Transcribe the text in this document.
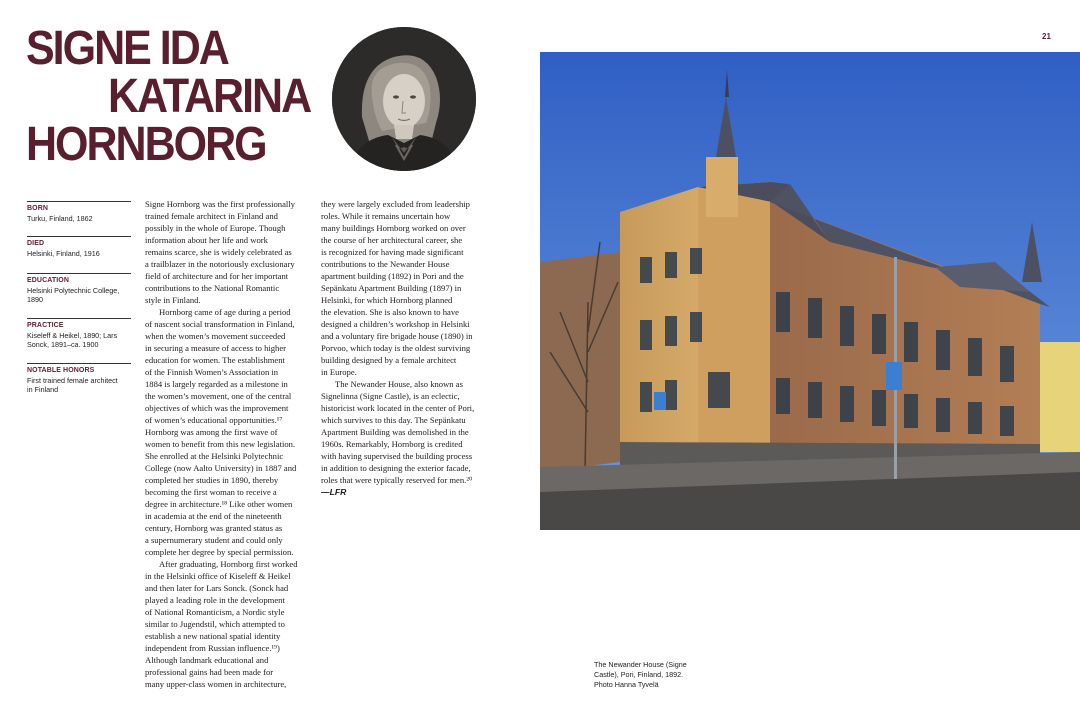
SIGNE IDA
KATARINA
HORNBORG
21
BORN
Turku, Finland, 1862
DIED
Helsinki, Finland, 1916
EDUCATION
Helsinki Polytechnic College,
1890
PRACTICE
Kiseleff & Heikel, 1890; Lars
Sonck, 1891–ca. 1900
NOTABLE HONORS
First trained female architect
in Finland
Signe Hornborg was the first professionally
trained female architect in Finland and
possibly in the whole of Europe. Though
information about her life and work
remains scarce, she is widely celebrated as
a trailblazer in the notoriously exclusionary
field of architecture and for her important
contributions to the National Romantic
style in Finland.
Hornborg came of age during a period
of nascent social transformation in Finland,
when the women’s movement succeeded
in securing a measure of access to higher
education for women. The establishment
of the Finnish Women’s Association in
1884 is largely regarded as a milestone in
the women’s movement, one of the central
objectives of which was the improvement
of women’s educational opportunities.¹⁷
Hornborg was among the first wave of
women to benefit from this new legislation.
She enrolled at the Helsinki Polytechnic
College (now Aalto University) in 1887 and
completed her studies in 1890, thereby
becoming the first woman to receive a
degree in architecture.¹⁸ Like other women
in academia at the end of the nineteenth
century, Hornborg was granted status as
a supernumerary student and could only
complete her degree by special permission.
After graduating, Hornborg first worked
in the Helsinki office of Kiseleff & Heikel
and then later for Lars Sonck. (Sonck had
played a leading role in the development
of National Romanticism, a Nordic style
similar to Jugendstil, which attempted to
establish a new national spatial identity
independent from Russian influence.¹⁹)
Although landmark educational and
professional gains had been made for
many upper-class women in architecture,
they were largely excluded from leadership
roles. While it remains uncertain how
many buildings Hornborg worked on over
the course of her architectural career, she
is recognized for having made significant
contributions to the Newander House
apartment building (1892) in Pori and the
Sepänkatu Apartment Building (1897) in
Helsinki, for which Hornborg planned
the elevation. She is also known to have
designed a children’s workshop in Helsinki
and a voluntary fire brigade house (1890) in
Porvoo, which today is the oldest surviving
building designed by a female architect
in Europe.
The Newander House, also known as
Signelinna (Signe Castle), is an eclectic,
historicist work located in the center of Pori,
which survives to this day. The Sepänkatu
Apartment Building was demolished in the
1960s. Remarkably, Hornborg is credited
with having supervised the building process
in addition to designing the exterior facade,
roles that were typically reserved for men.²⁰
—LFR
The Newander House (Signe
Castle), Pori, Finland, 1892.
Photo Hanna Tyvelä
